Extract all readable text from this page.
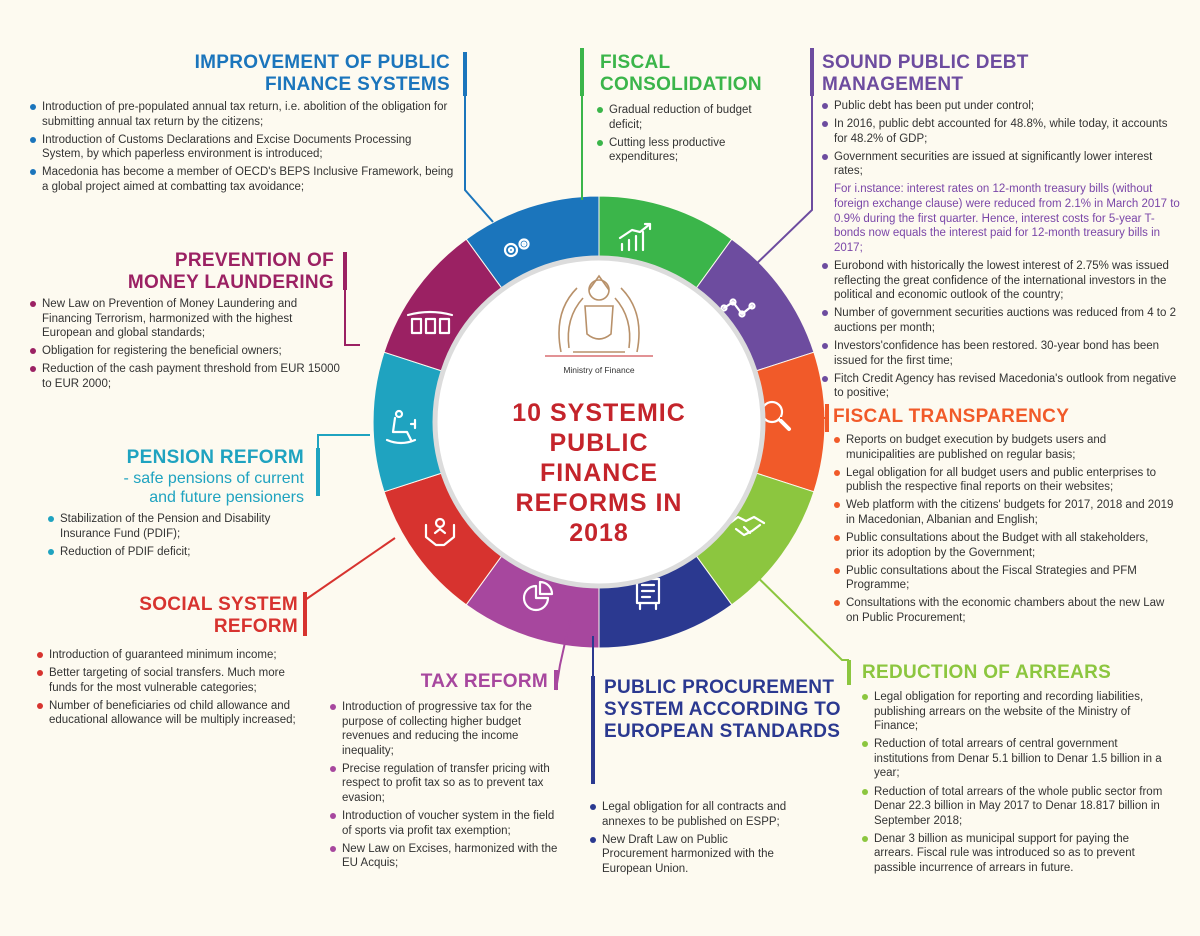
Ministry of Finance
10 SYSTEMIC PUBLIC FINANCE REFORMS IN 2018
IMPROVEMENT OF PUBLIC FINANCE SYSTEMS
Introduction of pre-populated annual tax return, i.e. abolition of the obligation for submitting annual tax return by the citizens;
Introduction of Customs Declarations and Excise Documents Processing System, by which paperless environment is introduced;
Macedonia has become a member of OECD's BEPS Inclusive Framework, being a global project aimed at combatting tax avoidance;
FISCAL CONSOLIDATION
Gradual reduction of budget deficit;
Cutting less productive expenditures;
SOUND PUBLIC DEBT MANAGEMENT
Public debt has been put under control;
In 2016, public debt accounted for 48.8%, while today, it accounts for 48.2% of GDP;
Government securities are issued at significantly lower interest rates;
For i.nstance: interest rates on 12-month treasury bills (without foreign exchange clause) were reduced from 2.1% in March 2017 to 0.9% during the first quarter. Hence, interest costs for 5-year T-bonds now equals the interest paid for 12-month treasury bills in 2017;
Eurobond with historically the lowest interest of 2.75% was issued reflecting the great confidence of the international investors in the political and economic outlook of the country;
Number of government securities auctions was reduced from 4 to 2 auctions per month;
Investors'confidence has been restored. 30-year bond has been issued for the first time;
Fitch Credit Agency has revised Macedonia's outlook from negative to positive;
FISCAL TRANSPARENCY
Reports on budget execution by budgets users and municipalities are published on regular basis;
Legal obligation for all budget users and public enterprises to publish the respective final reports on their websites;
Web platform with the citizens' budgets for 2017, 2018 and 2019 in Macedonian, Albanian and English;
Public consultations about the Budget with all stakeholders, prior its adoption by the Government;
Public consultations about the Fiscal Strategies and PFM Programme;
Consultations with the economic chambers about the new Law on Public Procurement;
REDUCTION OF ARREARS
Legal obligation for reporting and recording liabilities, publishing arrears on the website of the Ministry of Finance;
Reduction of total arrears of central government institutions from Denar 5.1 billion to Denar 1.5 billion in a year;
Reduction of total arrears of the whole public sector from Denar 22.3 billion in May 2017 to Denar 18.817 billion in September 2018;
Denar 3 billion as municipal support for paying the arrears. Fiscal rule was introduced so as to prevent passible incurrence of arrears in future.
PUBLIC PROCUREMENT SYSTEM ACCORDING TO EUROPEAN STANDARDS
Legal obligation for all contracts and annexes to be published on ESPP;
New Draft Law on Public Procurement harmonized with the European Union.
TAX REFORM
Introduction of progressive tax for the purpose of collecting higher budget revenues and reducing the income inequality;
Precise regulation of transfer pricing with respect to profit tax so as to prevent tax evasion;
Introduction of voucher system in the field of sports via profit tax exemption;
New Law on Excises, harmonized with the EU Acquis;
SOCIAL SYSTEM REFORM
Introduction of guaranteed minimum income;
Better targeting of social transfers. Much more funds for the most vulnerable categories;
Number of beneficiaries od child allowance and educational allowance will be multiply increased;
PENSION REFORM
- safe pensions of current and future pensioners
Stabilization of the Pension and Disability Insurance Fund (PDIF);
Reduction of PDIF deficit;
PREVENTION OF MONEY LAUNDERING
New Law on Prevention of Money Laundering and Financing Terrorism, harmonized with the highest European and global standards;
Obligation for registering the beneficial owners;
Reduction of the cash payment threshold from EUR 15000 to EUR 2000;
